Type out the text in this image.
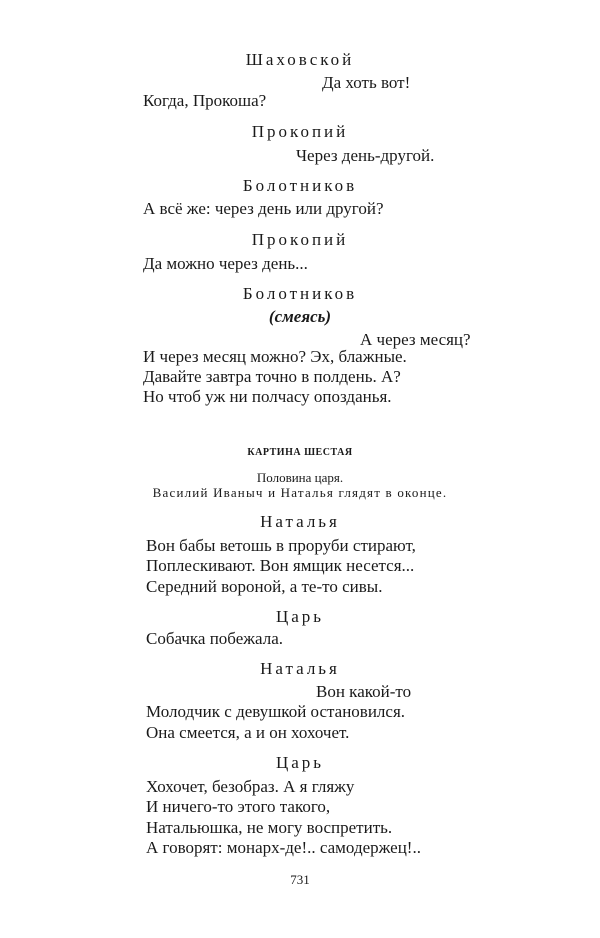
Шаховской
Да хоть вот!
Когда, Прокоша?
Прокопий
Через день-другой.
Болотников
А всё же: через день или другой?
Прокопий
Да можно через день...
Болотников
(смеясь)
А через месяц?
И через месяц можно? Эх, блажные.
Давайте завтра точно в полдень. А?
Но чтоб уж ни полчасу опозданья.
КАРТИНА ШЕСТАЯ
Половина царя.
Василий Иваныч и Наталья глядят в оконце.
Наталья
Вон бабы ветошь в проруби стирают,
Поплескивают. Вон ямщик несется...
Середний вороной, а те-то сивы.
Царь
Собачка побежала.
Наталья
Вон какой-то
Молодчик с девушкой остановился.
Она смеется, а и он хохочет.
Царь
Хохочет, безобраз. А я гляжу
И ничего-то этого такого,
Натальюшка, не могу воспретить.
А говорят: монарх-де!.. самодержец!..
731
